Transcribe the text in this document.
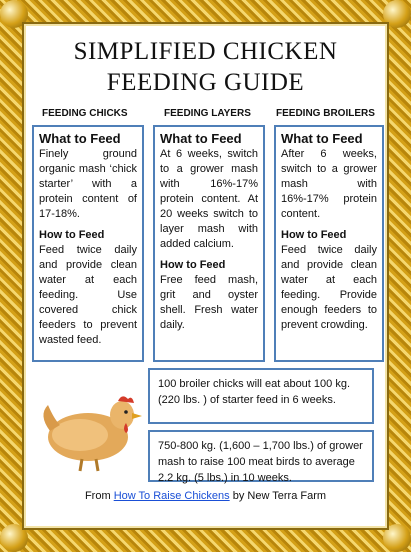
SIMPLIFIED CHICKEN
FEEDING GUIDE
FEEDING CHICKS	FEEDING LAYERS	FEEDING BROILERS
What to Feed

Finely ground organic mash ‘chick starter’ with a protein content of 17-18%.

How to Feed

Feed twice daily and provide clean water at each feeding. Use covered chick feeders to prevent wasted feed.

What to Feed

At 6 weeks, switch to a grower mash with 16%-17% protein content. At 20 weeks switch to layer mash with added calcium.

How to Feed

Free feed mash, grit and oyster shell. Fresh water daily.

What to Feed

After 6 weeks, switch to a grower mash with 16%-17% protein content.

How to Feed

Feed twice daily and provide clean water at each feeding. Provide enough feeders to prevent crowding.

100 broiler chicks will eat about 100 kg. (220 lbs. ) of starter feed in 6 weeks.
750-800 kg. (1,600 – 1,700 lbs.) of grower mash to raise 100 meat birds to average 2.2 kg. (5 lbs.) in 10 weeks.
From How To Raise Chickens by New Terra Farm
